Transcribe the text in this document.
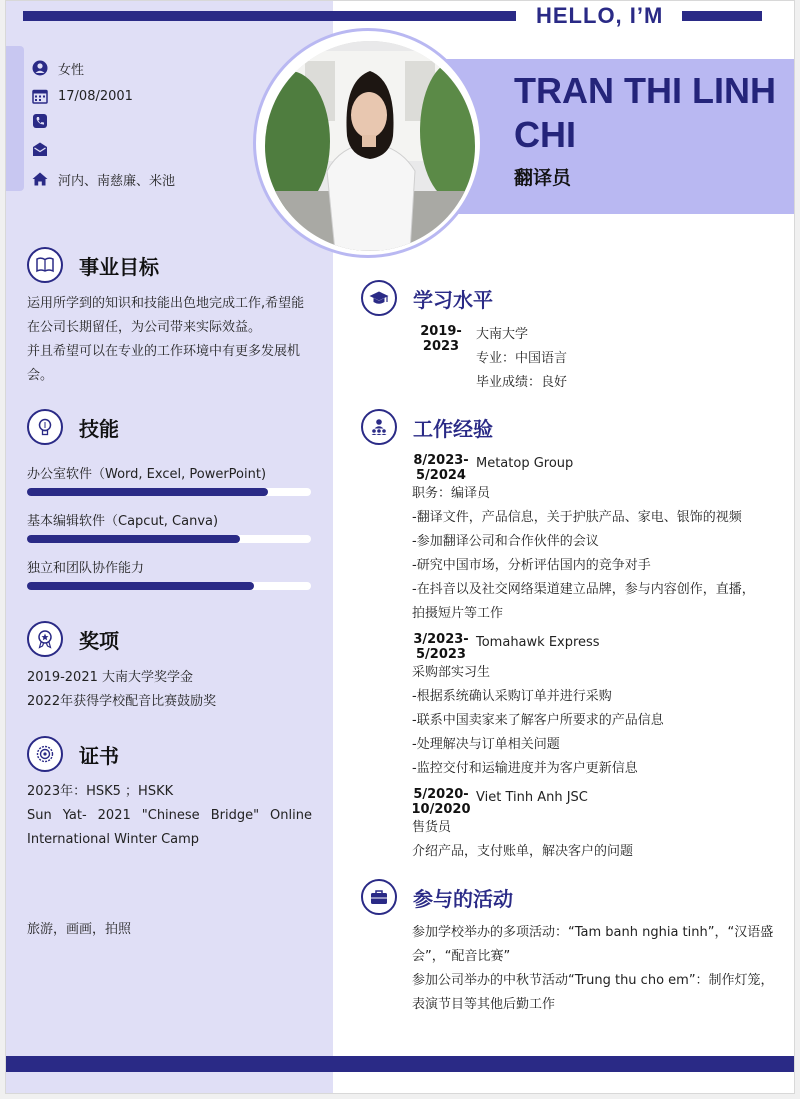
HELLO, I’M
TRAN THI LINH CHI
翻译员
女性
17/08/2001
河内、南慈廉、米池
事业目标
运用所学到的知识和技能出色地完成工作,希望能
在公司长期留任，为公司带来实际效益。
并且希望可以在专业的工作环境中有更多发展机
会。
技能
办公室软件（Word, Excel, PowerPoint)
基本编辑软件（Capcut, Canva)
独立和团队协作能力
奖项
2019-2021 大南大学奖学金
2022年获得学校配音比赛鼓励奖
证书
2023年：HSK5 ；HSKK
Sun Yat- 2021 "Chinese Bridge" Online
International Winter Camp
旅游，画画，拍照
学习水平
2019-
2023
大南大学
专业：中国语言
毕业成绩：良好
工作经验
8/2023-
5/2024
Metatop Group
职务：编译员
-翻译文件，产品信息，关于护肤产品、家电、银饰的视频
-参加翻译公司和合作伙伴的会议
-研究中国市场，分析评估国内的竞争对手
-在抖音以及社交网络渠道建立品牌，参与内容创作，直播，
拍摄短片等工作
3/2023-
5/2023
Tomahawk Express
采购部实习生
-根据系统确认采购订单并进行采购
-联系中国卖家来了解客户所要求的产品信息
-处理解决与订单相关问题
-监控交付和运输进度并为客户更新信息
5/2020-
10/2020
Viet Tinh Anh JSC
售货员
介绍产品，支付账单，解决客户的问题
参与的活动
参加学校举办的多项活动：“Tam banh nghia tinh”，“汉语盛
会”，“配音比赛”
参加公司举办的中秋节活动“Trung thu cho em”：制作灯笼，
表演节目等其他后勤工作
